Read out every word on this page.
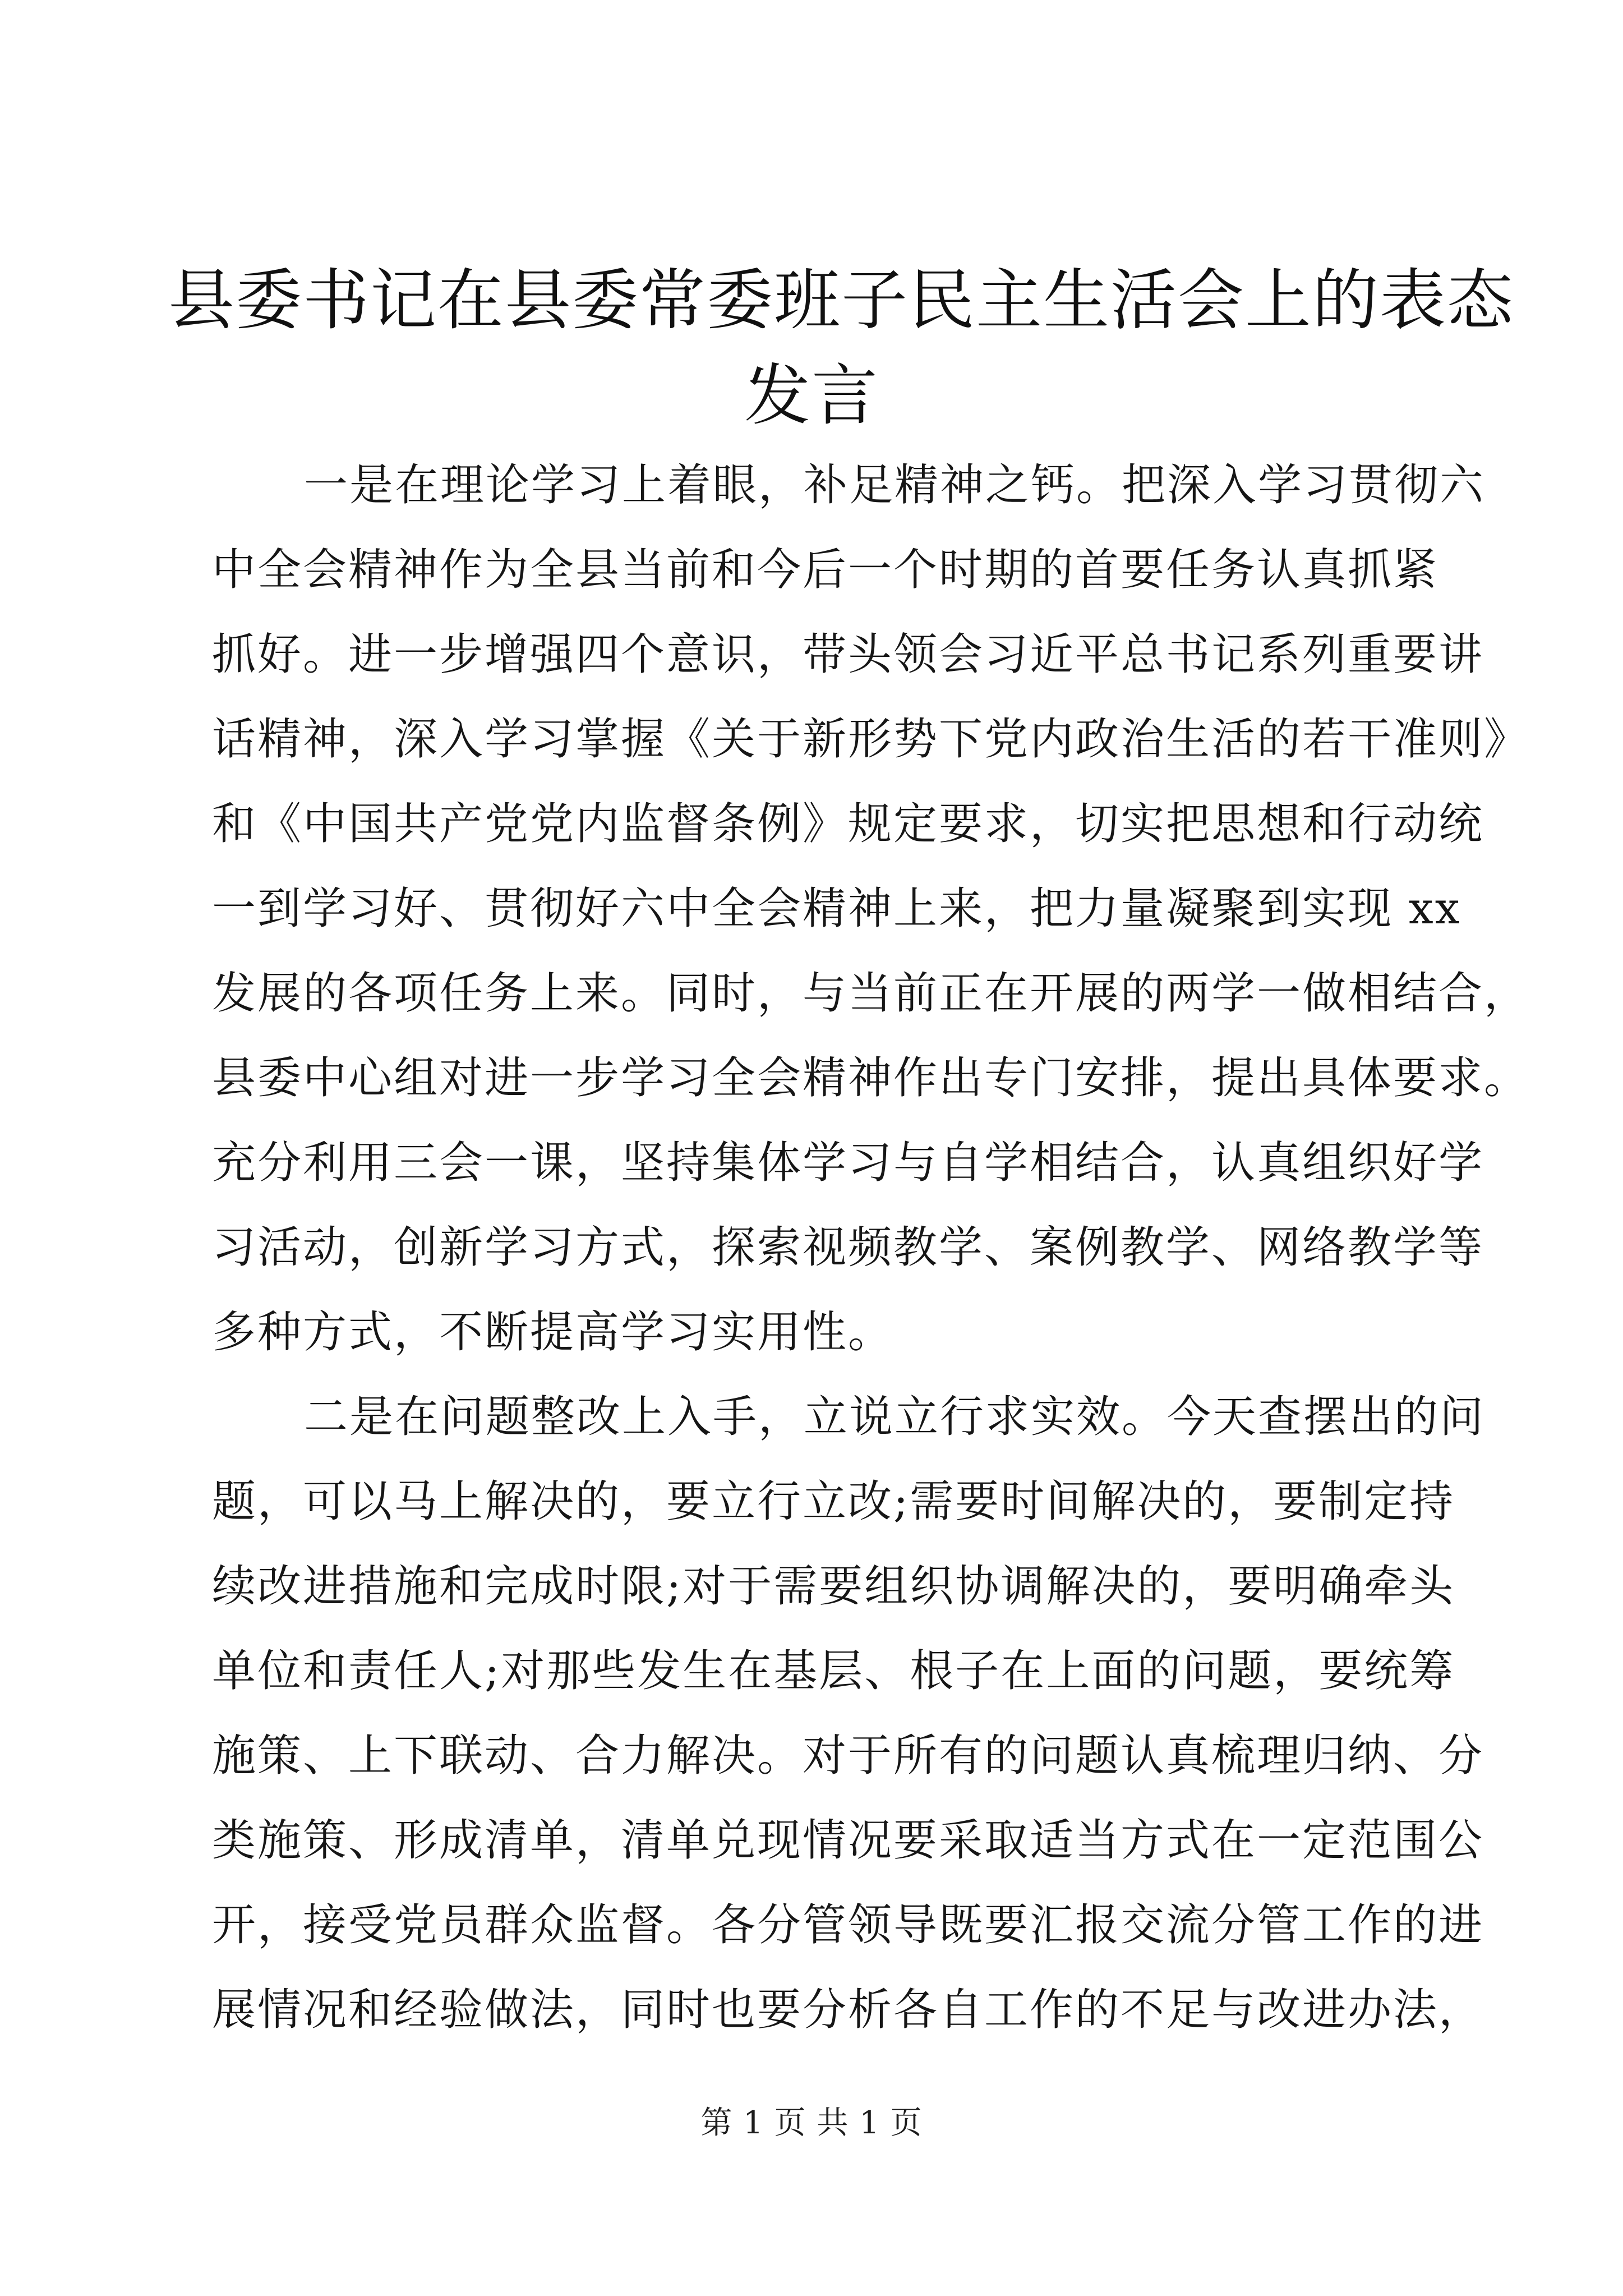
县委书记在县委常委班子民主生活会上的表态
发言

一是在理论学习上着眼，补足精神之钙。把深入学习贯彻六
中全会精神作为全县当前和今后一个时期的首要任务认真抓紧
抓好。进一步增强四个意识，带头领会习近平总书记系列重要讲
话精神，深入学习掌握《关于新形势下党内政治生活的若干准则》
和《中国共产党党内监督条例》规定要求，切实把思想和行动统
一到学习好、贯彻好六中全会精神上来，把力量凝聚到实现 xx
发展的各项任务上来。同时，与当前正在开展的两学一做相结合，
县委中心组对进一步学习全会精神作出专门安排，提出具体要求。
充分利用三会一课，坚持集体学习与自学相结合，认真组织好学
习活动，创新学习方式，探索视频教学、案例教学、网络教学等
多种方式，不断提高学习实用性。

二是在问题整改上入手，立说立行求实效。今天查摆出的问
题，可以马上解决的，要立行立改;需要时间解决的，要制定持
续改进措施和完成时限;对于需要组织协调解决的，要明确牵头
单位和责任人;对那些发生在基层、根子在上面的问题，要统筹
施策、上下联动、合力解决。对于所有的问题认真梳理归纳、分
类施策、形成清单，清单兑现情况要采取适当方式在一定范围公
开，接受党员群众监督。各分管领导既要汇报交流分管工作的进
展情况和经验做法，同时也要分析各自工作的不足与改进办法，

第 1 页 共 1 页
